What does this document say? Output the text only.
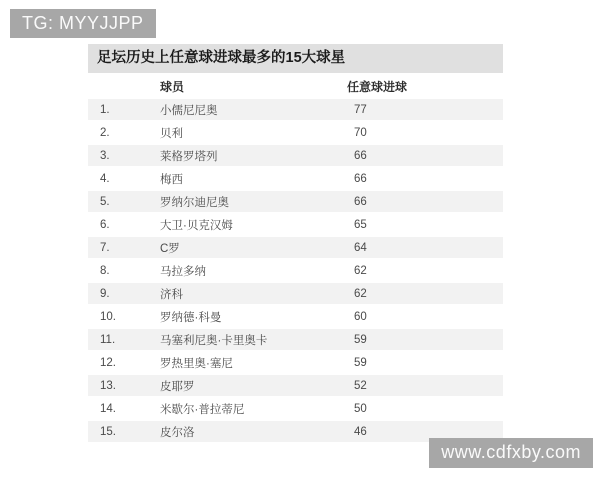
TG: MYYJJPP
足坛历史上任意球进球最多的15大球星
球员	任意球进球
1.	小儒尼尼奥	77
2.	贝利	70
3.	莱格罗塔列	66
4.	梅西	66
5.	罗纳尔迪尼奥	66
6.	大卫·贝克汉姆	65
7.	C罗	64
8.	马拉多纳	62
9.	济科	62
10.	罗纳德·科曼	60
11.	马塞利尼奥·卡里奥卡	59
12.	罗热里奥·塞尼	59
13.	皮耶罗	52
14.	米歇尔·普拉蒂尼	50
15.	皮尔洛	46
www.cdfxby.com
